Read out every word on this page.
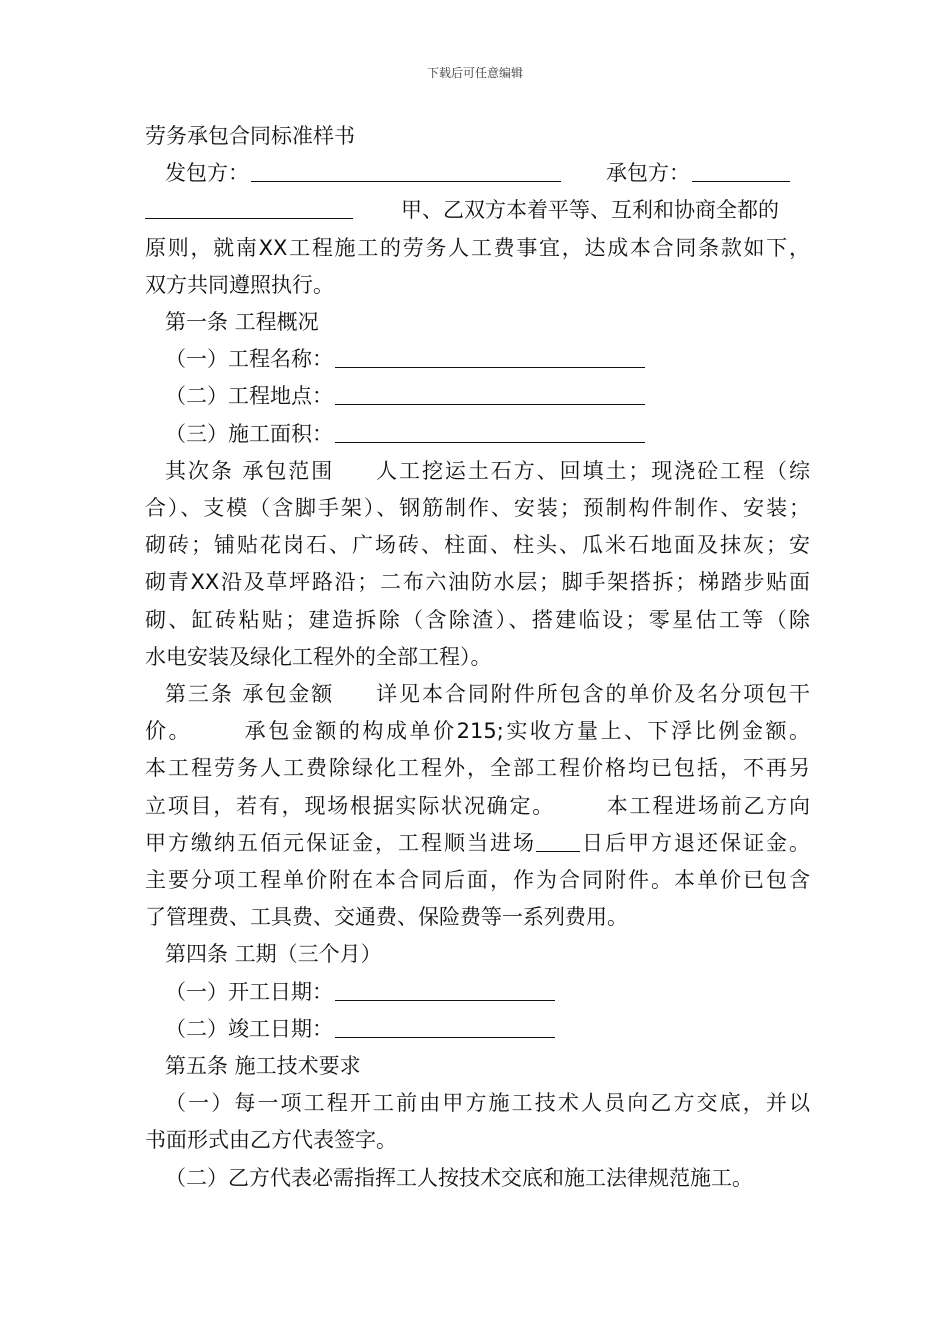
下载后可任意编辑
劳务承包合同标准样书
发包方：	承包方：
甲、乙双方本着平等、互利和协商全都的
原则，就南XX工程施工的劳务人工费事宜，达成本合同条款如下，
双方共同遵照执行。
第一条 工程概况
（一）工程名称：
（二）工程地点：
（三）施工面积：
其次条 承包范围 人工挖运土石方、回填土；现浇砼工程（综
合）、支模（含脚手架）、钢筋制作、安装；预制构件制作、安装；
砌砖；铺贴花岗石、广场砖、柱面、柱头、瓜米石地面及抹灰；安
砌青XX沿及草坪路沿；二布六油防水层；脚手架搭拆；梯踏步贴面
砌、缸砖粘贴；建造拆除（含除渣）、搭建临设；零星估工等（除
水电安装及绿化工程外的全部工程）。
第三条 承包金额 详见本合同附件所包含的单价及名分项包干
价。 承包金额的构成单价215;实收方量上、下浮比例金额。
本工程劳务人工费除绿化工程外，全部工程价格均已包括，不再另
立项目，若有，现场根据实际状况确定。 本工程进场前乙方向
甲方缴纳五佰元保证金，工程顺当进场 日后甲方退还保证金。
主要分项工程单价附在本合同后面，作为合同附件。本单价已包含
了管理费、工具费、交通费、保险费等一系列费用。
第四条 工期（三个月）
（一）开工日期：
（二）竣工日期：
第五条 施工技术要求
（一）每一项工程开工前由甲方施工技术人员向乙方交底，并以
书面形式由乙方代表签字。
（二）乙方代表必需指挥工人按技术交底和施工法律规范施工。
